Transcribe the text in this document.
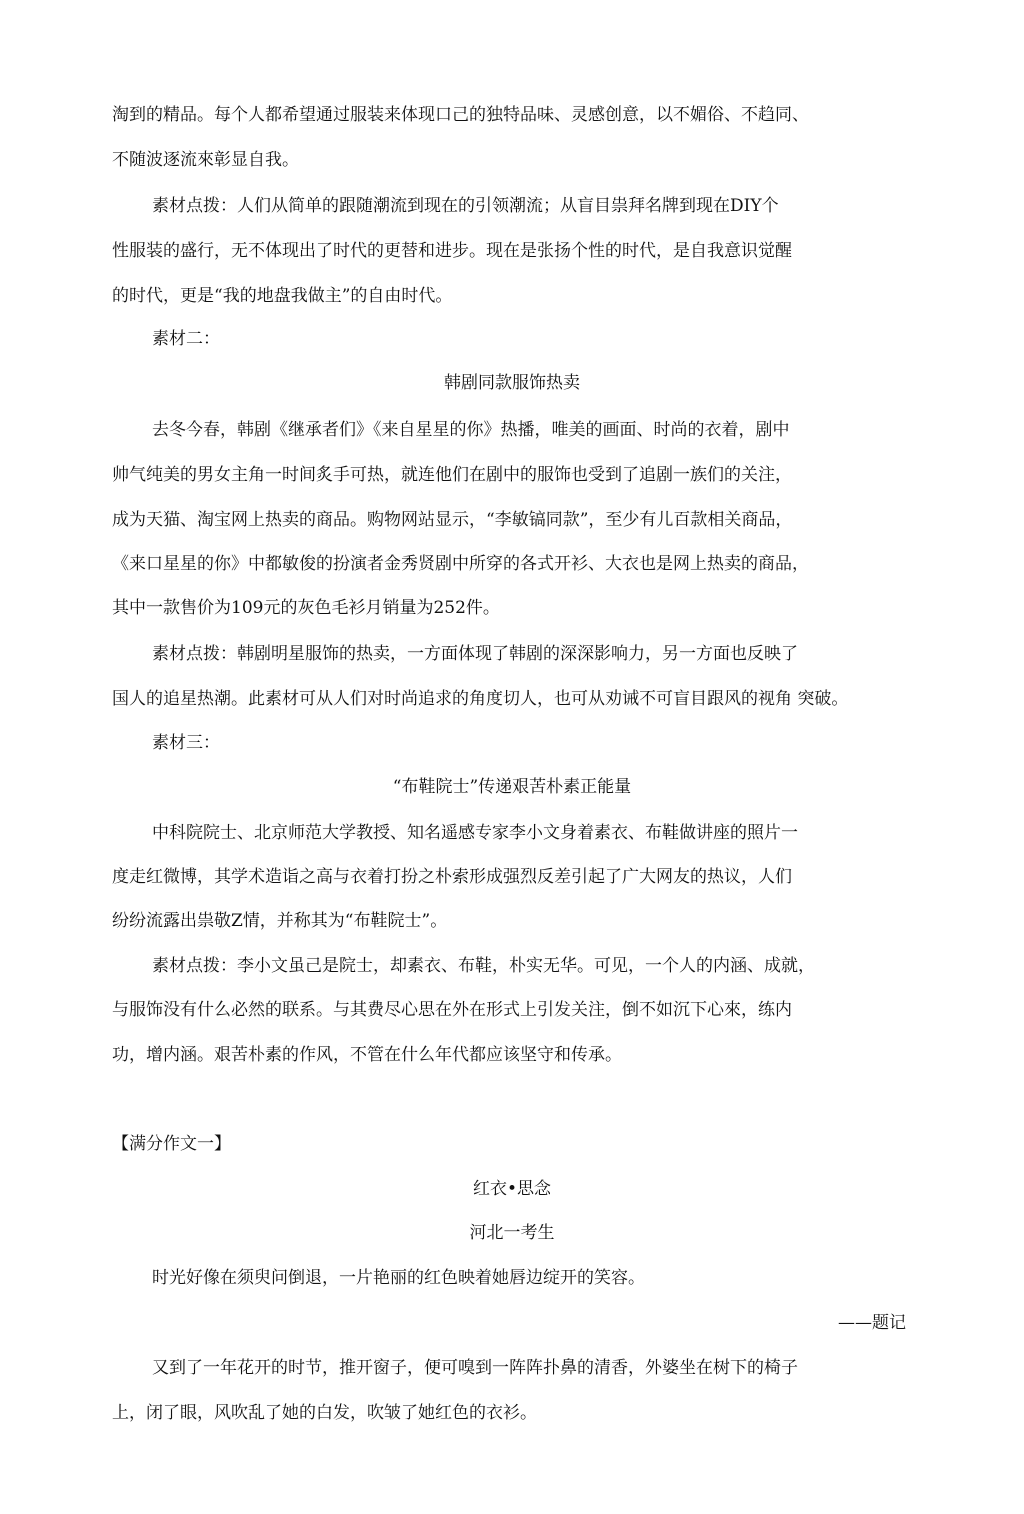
淘到的精品。每个人都希望通过服装来体现口己的独特品味、灵感创意，以不媚俗、不趋同、
不随波逐流來彰显自我。
素材点拨：人们从简单的跟随潮流到现在的引领潮流；从盲目祟拜名牌到现在DIY个
性服装的盛行，无不体现出了时代的更替和进步。现在是张扬个性的时代，是自我意识觉醒
的时代，更是“我的地盘我做主”的自由时代。
素材二：
韩剧同款服饰热卖
去冬今春，韩剧《继承者们》《来自星星的你》热播，唯美的画面、时尚的衣着，剧中
帅气纯美的男女主角一时间炙手可热，就连他们在剧中的服饰也受到了追剧一族们的关注，
成为天猫、淘宝网上热卖的商品。购物网站显示，“李敏镐同款”，至少有儿百款相关商品，
《来口星星的你》中都敏俊的扮演者金秀贤剧中所穿的各式开衫、大衣也是网上热卖的商品，
其中一款售价为109元的灰色毛衫月销量为252件。
素材点拨：韩剧明星服饰的热卖，一方面体现了韩剧的深深影响力，另一方面也反映了
国人的追星热潮。此素材可从人们对时尚追求的角度切人，也可从劝诫不可盲目跟风的视角 突破。
素材三：
“布鞋院士”传递艰苦朴素正能量
中科院院士、北京师范大学教授、知名遥感专家李小文身着素衣、布鞋做讲座的照片一
度走红微博，其学术造诣之高与衣着打扮之朴索形成强烈反差引起了广大网友的热议，人们
纷纷流露出祟敬Z情，并称其为“布鞋院士”。
素材点拨：李小文虽己是院士，却素衣、布鞋，朴实无华。可见，一个人的内涵、成就，
与服饰没有什么必然的联系。与其费尽心思在外在形式上引发关注，倒不如沉下心來，练内
功，增内涵。艰苦朴素的作风，不管在什么年代都应该坚守和传承。
【满分作文一】
红衣•思念
河北一考生
时光好像在须臾问倒退，一片艳丽的红色映着她唇边绽开的笑容。
——题记
又到了一年花开的时节，推开窗子，便可嗅到一阵阵扑鼻的清香，外婆坐在树下的椅子
上，闭了眼，风吹乱了她的白发，吹皱了她红色的衣衫。
